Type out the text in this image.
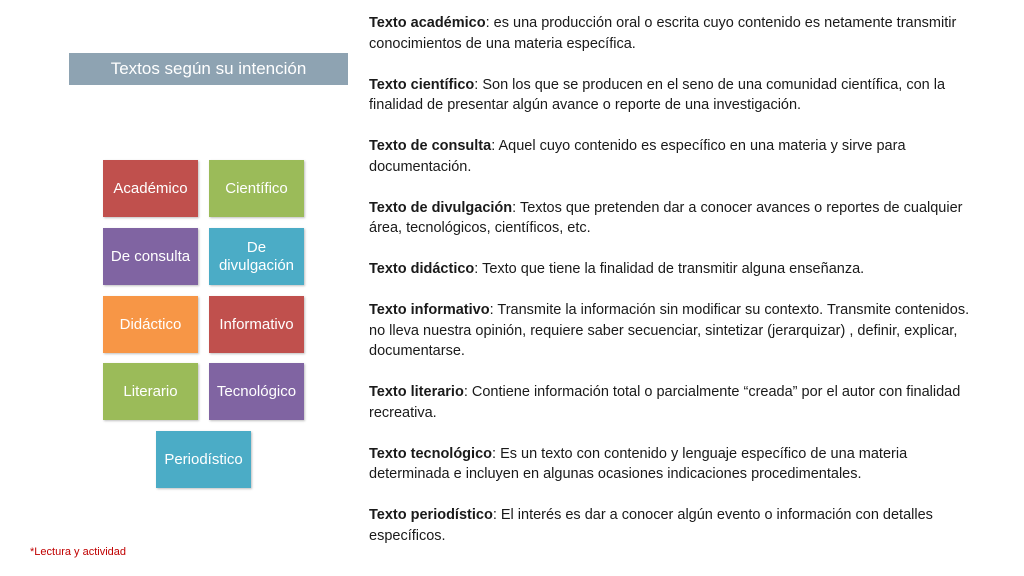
Textos según su intención
Académico	Científico
De consulta
De
divulgación
Didáctico	Informativo
Literario	Tecnológico
Periodístico

Texto académico: es una producción oral o escrita cuyo contenido es netamente transmitir conocimientos de una materia específica.

Texto científico: Son los que se producen en el seno de una comunidad científica, con la finalidad de presentar algún avance o reporte de una investigación.

Texto de consulta: Aquel cuyo contenido es específico en una materia y sirve para documentación.

Texto de divulgación: Textos que pretenden dar a conocer avances o reportes de cualquier área, tecnológicos, científicos, etc.

Texto didáctico: Texto que tiene la finalidad de transmitir alguna enseñanza.

Texto informativo: Transmite la información sin modificar su contexto. Transmite contenidos. no lleva nuestra opinión, requiere saber secuenciar, sintetizar (jerarquizar) , definir, explicar, documentarse.

Texto literario: Contiene información total o parcialmente “creada” por el autor con finalidad recreativa.

Texto tecnológico: Es un texto con contenido y lenguaje específico de una materia determinada e incluyen en algunas ocasiones indicaciones procedimentales.

Texto periodístico: El interés es dar a conocer algún evento o información con detalles específicos.

*Lectura y actividad
